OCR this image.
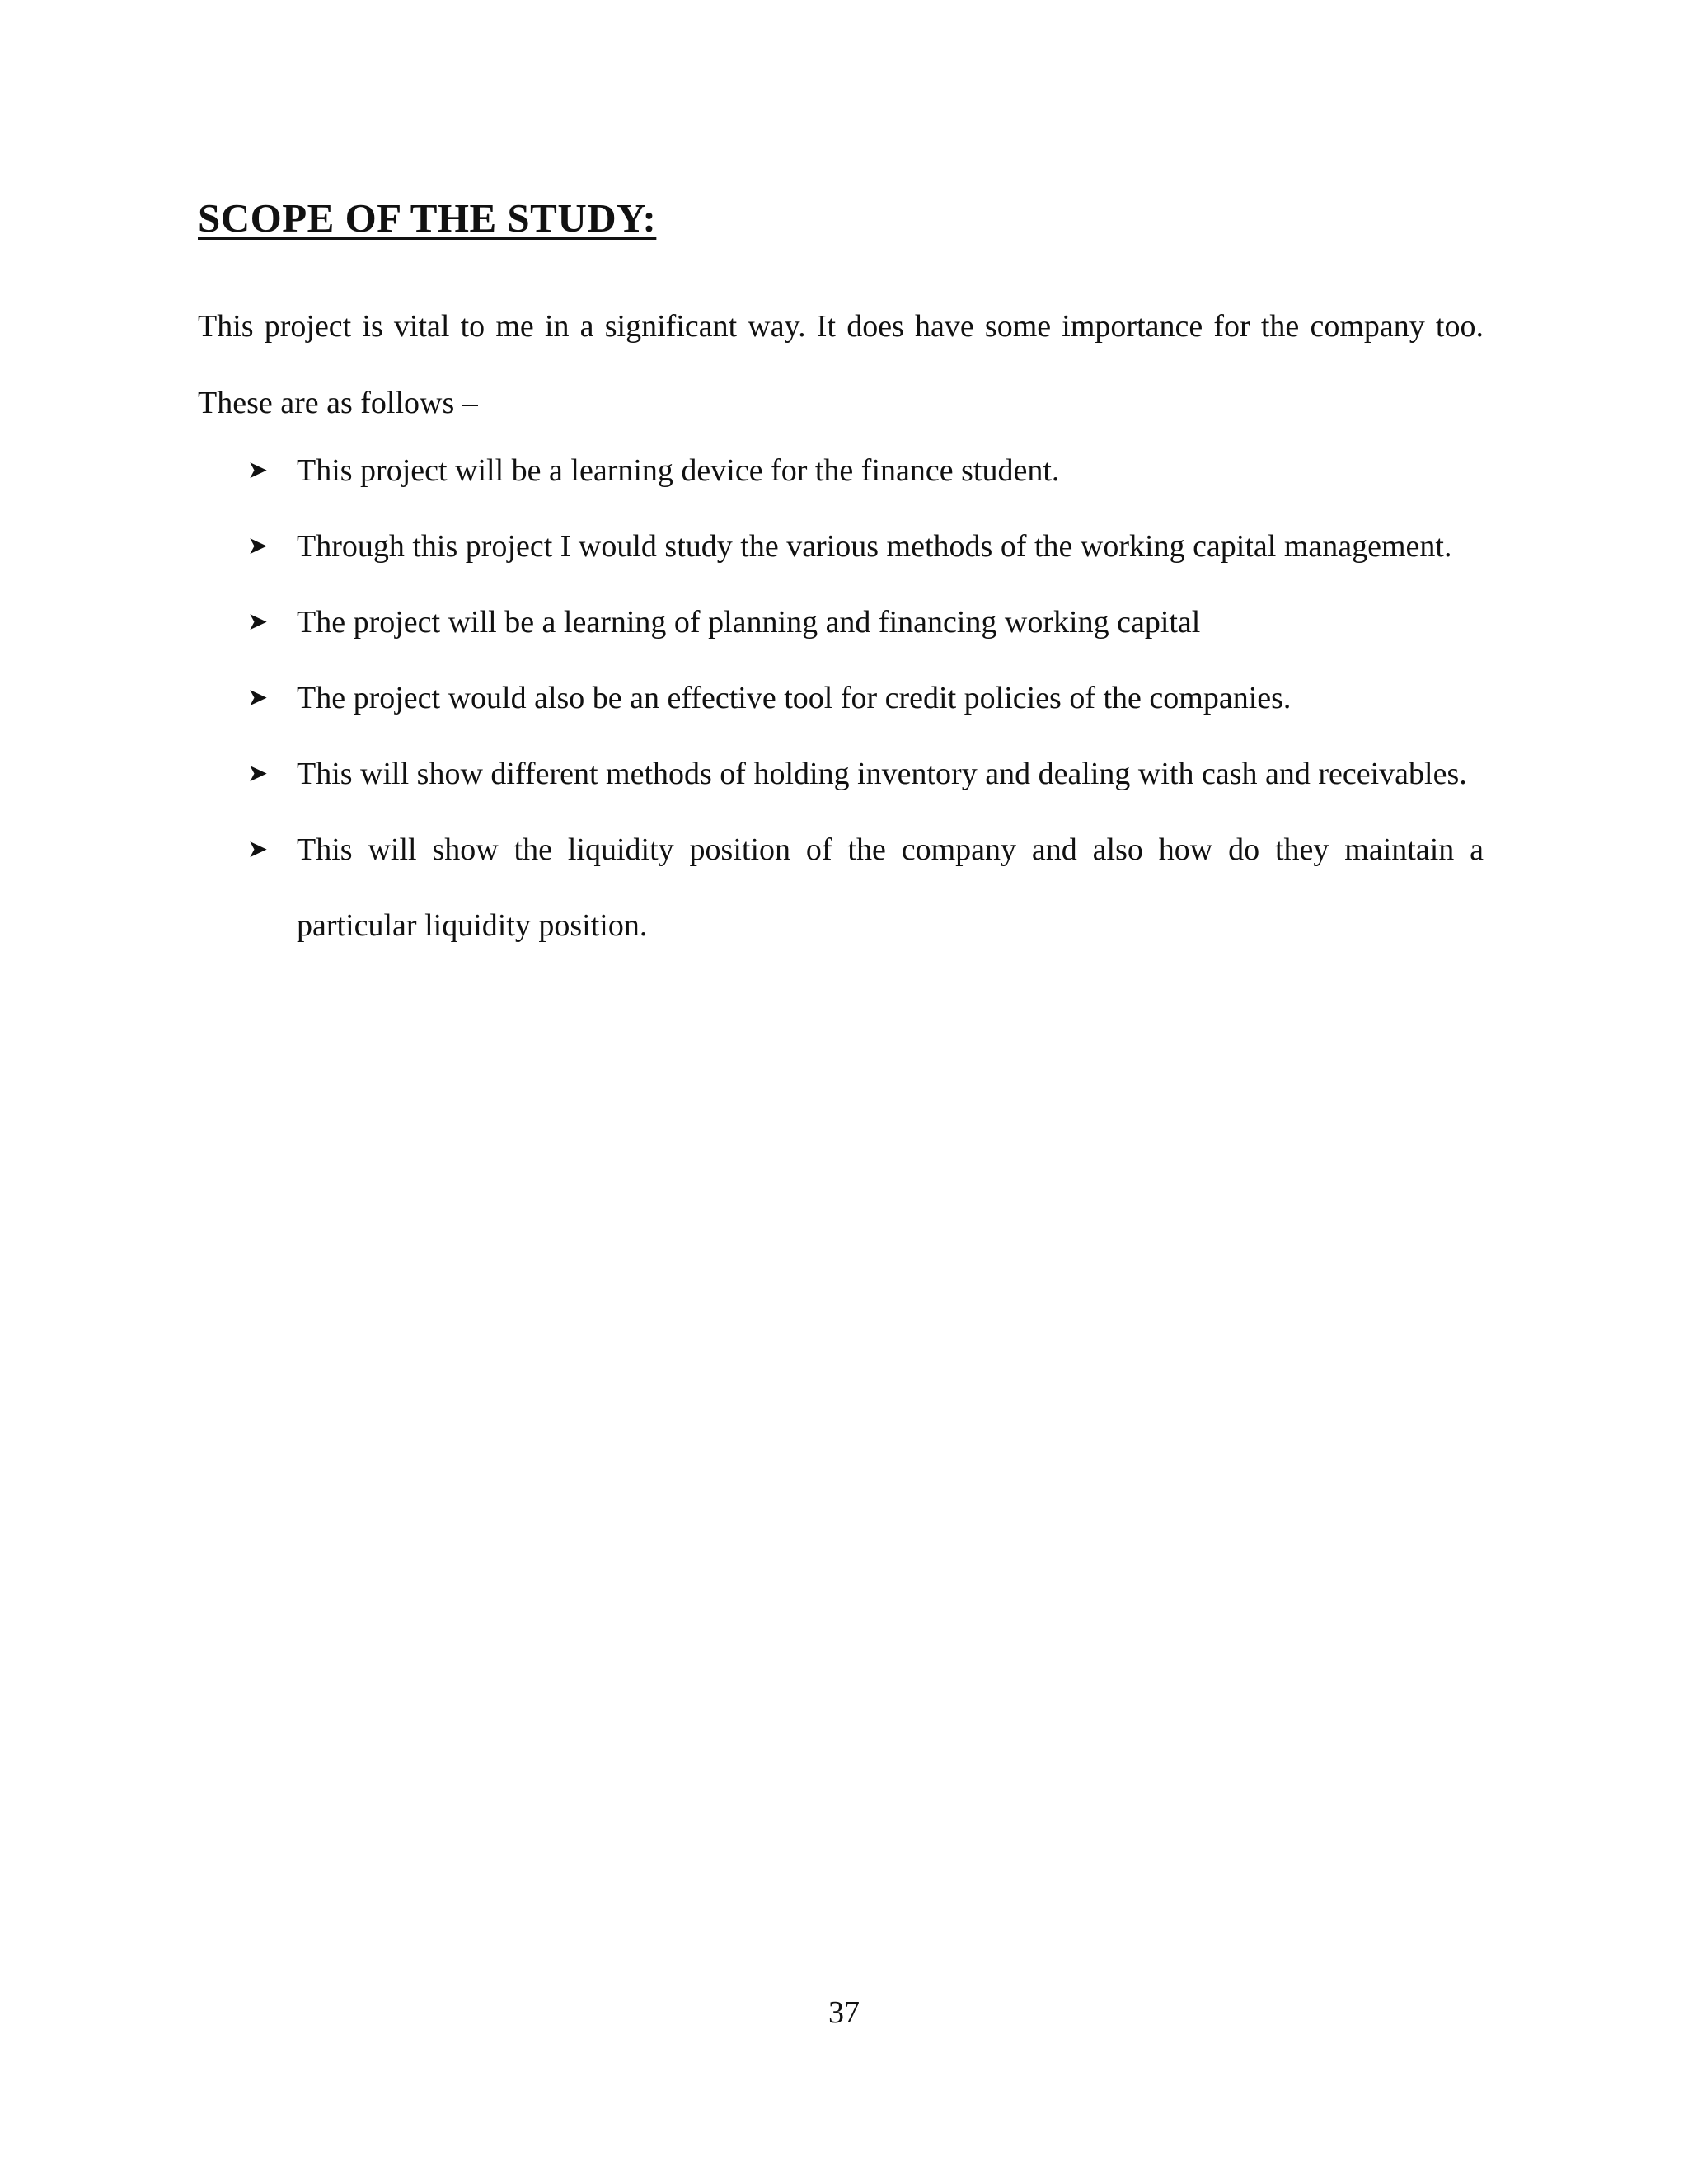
SCOPE OF THE STUDY:

This project is vital to me in a significant way. It does have some importance for the company too. These are as follows –

➤ This project will be a learning device for the finance student.
➤ Through this project I would study the various methods of the working capital management.
➤ The project will be a learning of planning and financing working capital
➤ The project would also be an effective tool for credit policies of the companies.
➤ This will show different methods of holding inventory and dealing with cash and receivables.
➤ This will show the liquidity position of the company and also how do they maintain a particular liquidity position.
37
